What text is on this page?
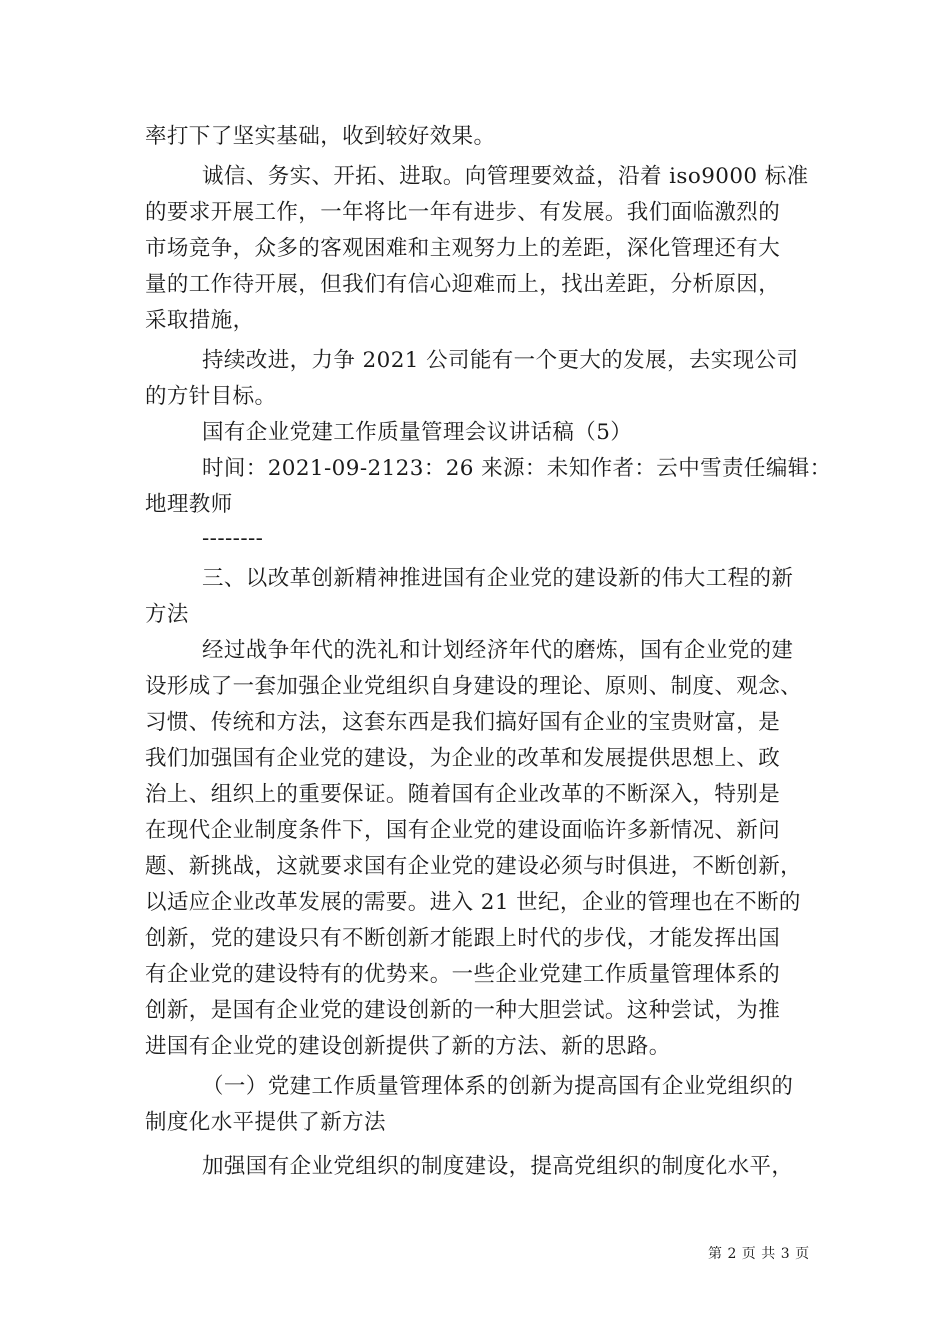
率打下了坚实基础，收到较好效果。
诚信、务实、开拓、进取。向管理要效益，沿着 iso9000 标准
的要求开展工作，一年将比一年有进步、有发展。我们面临激烈的
市场竞争，众多的客观困难和主观努力上的差距，深化管理还有大
量的工作待开展，但我们有信心迎难而上，找出差距，分析原因，
采取措施，
持续改进，力争 2021 公司能有一个更大的发展，去实现公司
的方针目标。
国有企业党建工作质量管理会议讲话稿（5）
时间：2021-09-2123：26 来源：未知作者：云中雪责任编辑：
地理教师
--------
三、以改革创新精神推进国有企业党的建设新的伟大工程的新
方法
经过战争年代的洗礼和计划经济年代的磨炼，国有企业党的建
设形成了一套加强企业党组织自身建设的理论、原则、制度、观念、
习惯、传统和方法，这套东西是我们搞好国有企业的宝贵财富，是
我们加强国有企业党的建设，为企业的改革和发展提供思想上、政
治上、组织上的重要保证。随着国有企业改革的不断深入，特别是
在现代企业制度条件下，国有企业党的建设面临许多新情况、新问
题、新挑战，这就要求国有企业党的建设必须与时俱进，不断创新，
以适应企业改革发展的需要。进入 21 世纪，企业的管理也在不断的
创新，党的建设只有不断创新才能跟上时代的步伐，才能发挥出国
有企业党的建设特有的优势来。一些企业党建工作质量管理体系的
创新，是国有企业党的建设创新的一种大胆尝试。这种尝试，为推
进国有企业党的建设创新提供了新的方法、新的思路。
（一）党建工作质量管理体系的创新为提高国有企业党组织的
制度化水平提供了新方法
加强国有企业党组织的制度建设，提高党组织的制度化水平，
第 2 页 共 3 页
